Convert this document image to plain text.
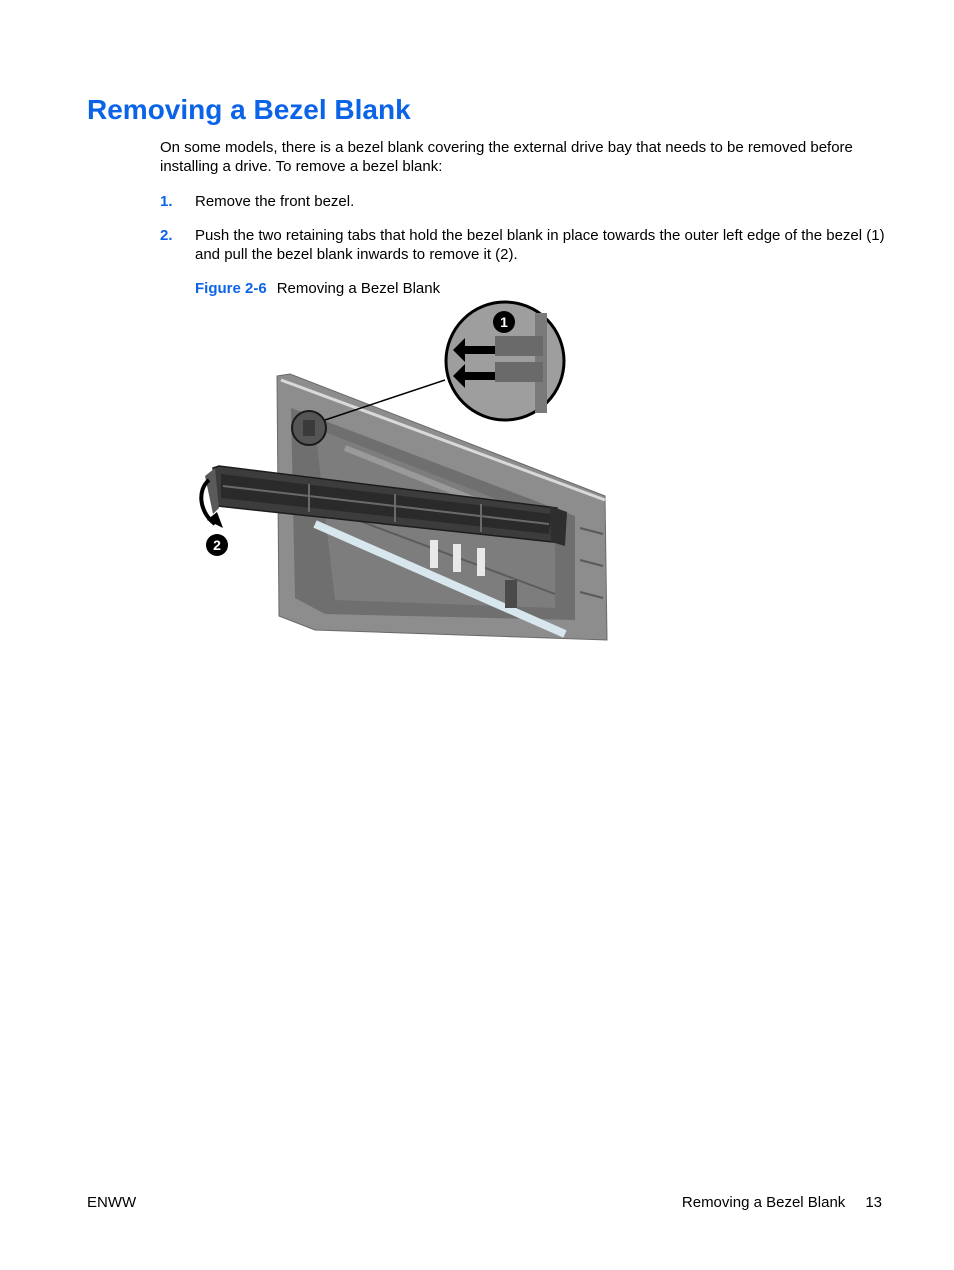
Removing a Bezel Blank

On some models, there is a bezel blank covering the external drive bay that needs to be removed before installing a drive. To remove a bezel blank:

1. Remove the front bezel.

2. Push the two retaining tabs that hold the bezel blank in place towards the outer left edge of the bezel (1) and pull the bezel blank inwards to remove it (2).

Figure 2-6 Removing a Bezel Blank
1
2
ENWW	Removing a Bezel Blank 13
